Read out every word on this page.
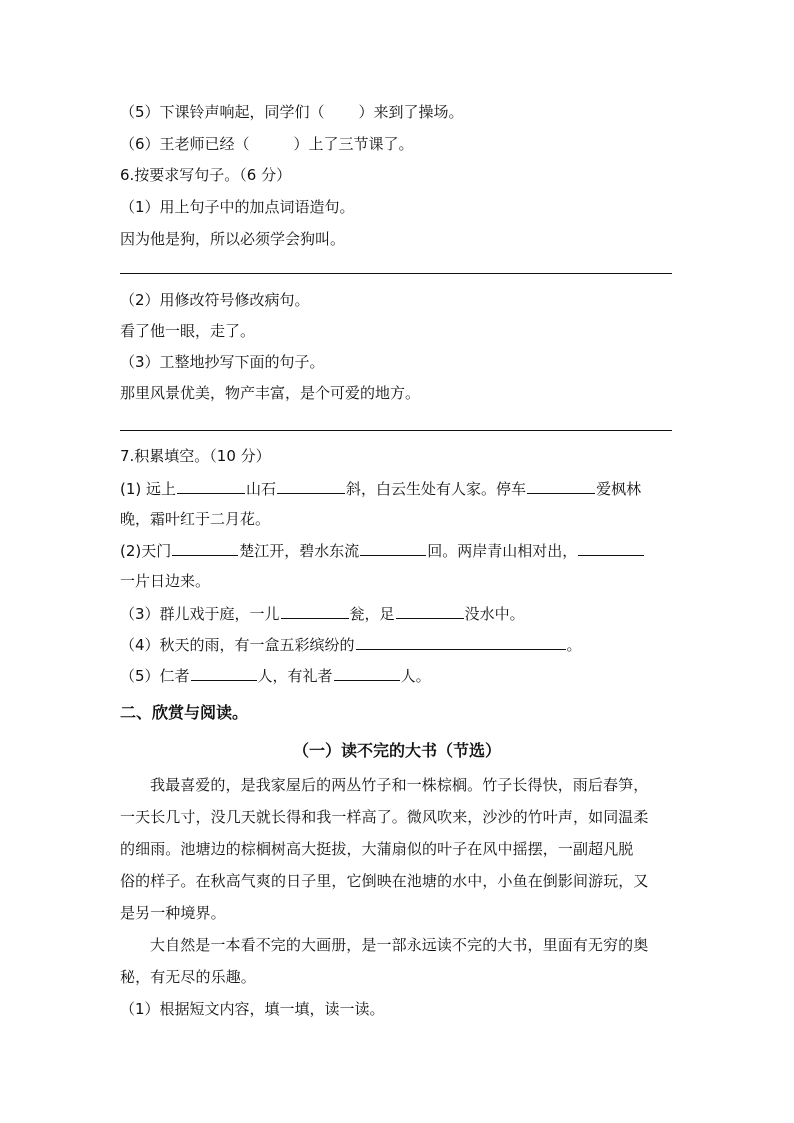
（5）下课铃声响起，同学们（ ）来到了操场。
（6）王老师已经（	）上了三节课了。
6.按要求写句子。（6 分）
（1）用上句子中的加点词语造句。
因为他是狗，所以必须学会狗叫。
（2）用修改符号修改病句。
看了他一眼，走了。
（3）工整地抄写下面的句子。
那里风景优美，物产丰富，是个可爱的地方。
7.积累填空。（10 分）
(1) 远上	山石	斜，白云生处有人家。停车	爱枫林
晚，霜叶红于二月花。
(2)天门	楚江开，碧水东流	回。两岸青山相对出，
一片日边来。
（3）群儿戏于庭，一儿	瓮，足	没水中。
（4）秋天的雨，有一盒五彩缤纷的	。
（5）仁者	人，有礼者	人。
二、欣赏与阅读。
（一）读不完的大书（节选）
我最喜爱的，是我家屋后的两丛竹子和一株棕榈。竹子长得快，雨后春笋，
一天长几寸，没几天就长得和我一样高了。微风吹来，沙沙的竹叶声，如同温柔
的细雨。池塘边的棕榈树高大挺拔，大蒲扇似的叶子在风中摇摆，一副超凡脱
俗的样子。在秋高气爽的日子里，它倒映在池塘的水中，小鱼在倒影间游玩，又
是另一种境界。
大自然是一本看不完的大画册，是一部永远读不完的大书，里面有无穷的奥
秘，有无尽的乐趣。
（1）根据短文内容，填一填，读一读。
